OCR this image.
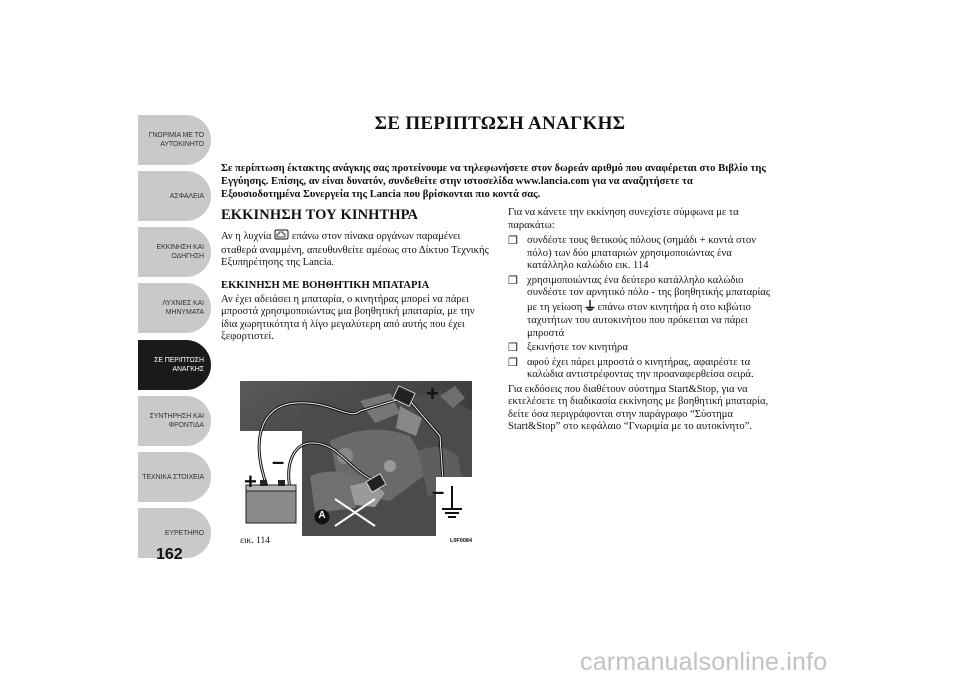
ΓΝΩΡΙΜΙΑ ΜΕ ΤΟ
ΑΥΤΟΚΙΝΗΤΟ
ΑΣΦΑΛΕΙΑ
ΕΚΚΙΝΗΣΗ ΚΑΙ
ΟΔΗΓΗΣΗ
ΛΥΧΝΙΕΣ ΚΑΙ
ΜΗΝΥΜΑΤΑ
ΣΕ ΠΕΡΙΠΤΩΣΗ
ΑΝΑΓΚΗΣ
ΣΥΝΤΗΡΗΣΗ ΚΑΙ
ΦΡΟΝΤΙΔΑ
ΤΕΧΝΙΚΑ ΣΤΟΙΧΕΙΑ
ΕΥΡΕΤΗΡΙΟ
162
ΣΕ ΠΕΡΙΠΤΩΣΗ ΑΝΑΓΚΗΣ
Σε περίπτωση έκτακτης ανάγκης σας προτείνουμε να τηλεφωνήσετε στον δωρεάν αριθμό που αναφέρεται στο Βιβλίο της Εγγύησης. Επίσης, αν είναι δυνατόν, συνδεθείτε στην ιστοσελίδα www.lancia.com για να αναζητήσετε τα Εξουσιοδοτημένα Συνεργεία της Lancia που βρίσκονται πιο κοντά σας.
ΕΚΚΙΝΗΣΗ ΤΟΥ ΚΙΝΗΤΗΡΑ

Αν η λυχνία  επάνω στον πίνακα οργάνων παραμένει σταθερά αναμμένη, απευθυνθείτε αμέσως στο Δίκτυο Τεχνικής Εξυπηρέτησης της Lancia.

ΕΚΚΙΝΗΣΗ ΜΕ ΒΟΗΘΗΤΙΚΗ ΜΠΑΤΑΡΙΑ

Αν έχει αδειάσει η μπαταρία, ο κινητήρας μπορεί να πάρει μπροστά χρησιμοποιώντας μια βοηθητική μπαταρία, με την ίδια χωρητικότητα ή λίγο μεγαλύτερη από αυτής που έχει ξεφορτιστεί.

Για να κάνετε την εκκίνηση συνεχίστε σύμφωνα με τα παρακάτω:

❒ συνδέστε τους θετικούς πόλους (σημάδι + κοντά στον πόλο) των δύο μπαταριών χρησιμοποιώντας ένα κατάλληλο καλώδιο εικ. 114
❒ χρησιμοποιώντας ένα δεύτερο κατάλληλο καλώδιο συνδέστε τον αρνητικό πόλο - της βοηθητικής μπαταρίας με τη γείωση  επάνω στον κινητήρα ή στο κιβώτιο ταχυτήτων του αυτοκινήτου που πρόκειται να πάρει μπροστά
❒ ξεκινήστε τον κινητήρα
❒ αφού έχει πάρει μπροστά ο κινητήρας, αφαιρέστε τα καλώδια αντιστρέφοντας την προαναφερθείσα σειρά.

Για εκδόσεις που διαθέτουν σύστημα Start&Stop, για να εκτελέσετε τη διαδικασία εκκίνησης με βοηθητική μπαταρία, δείτε όσα περιγράφονται στην παράγραφο “Σύστημα Start&Stop” στο κεφάλαιο “Γνωριμία με το αυτοκίνητο”.

+
–
+
–
A
εικ. 114	L0F0084
carmanualsonline.info
